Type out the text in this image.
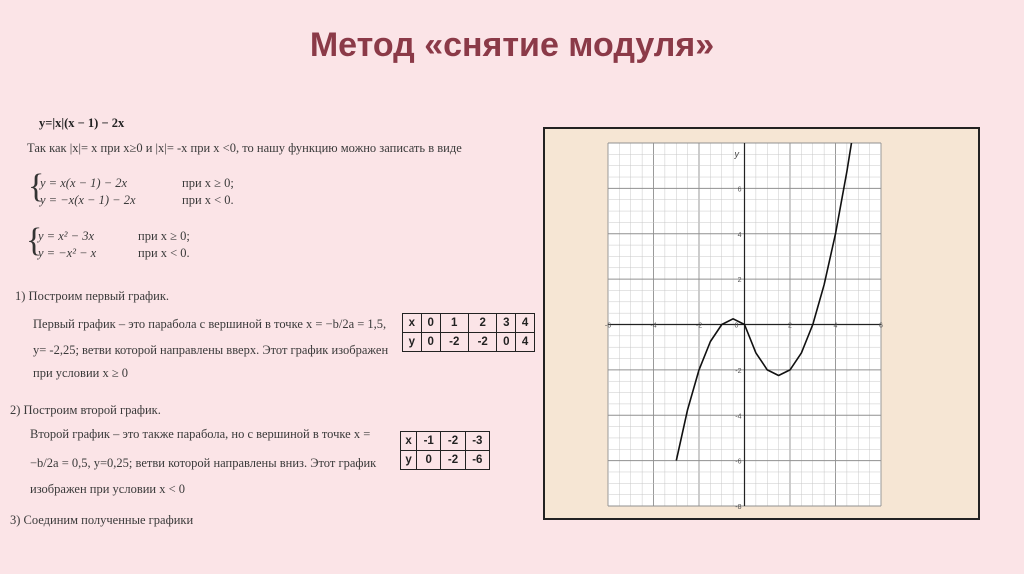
Метод «снятие модуля»
y=|x|(x − 1) − 2x
Так как |x|= x при x≥0 и |x|= -x при x <0, то нашу функцию можно записать в виде
{
y = x(x − 1) − 2x	при x ≥ 0;
y = −x(x − 1) − 2x	при x < 0.
{
y = x² − 3x	при x ≥ 0;
y = −x² − x	при x < 0.
1) Построим первый график.
Первый график – это парабола с вершиной в точке x = −b/2a = 1,5,
y= -2,25; ветви которой направлены вверх. Этот график изображен
при условии x ≥ 0
x	0	1	2	3	4
y	0	-2	-2	0	4
2) Построим второй график.
Второй график – это также парабола, но с вершиной в точке x =
−b/2a = 0,5, y=0,25; ветви которой направлены вниз. Этот график
изображен при условии x < 0
x	-1	-2	-3
y	0	-2	-6
3) Соединим полученные графики
-6	-4	-2	0	2	4	6
6
4
2
-2
-4
-6
-8
y
